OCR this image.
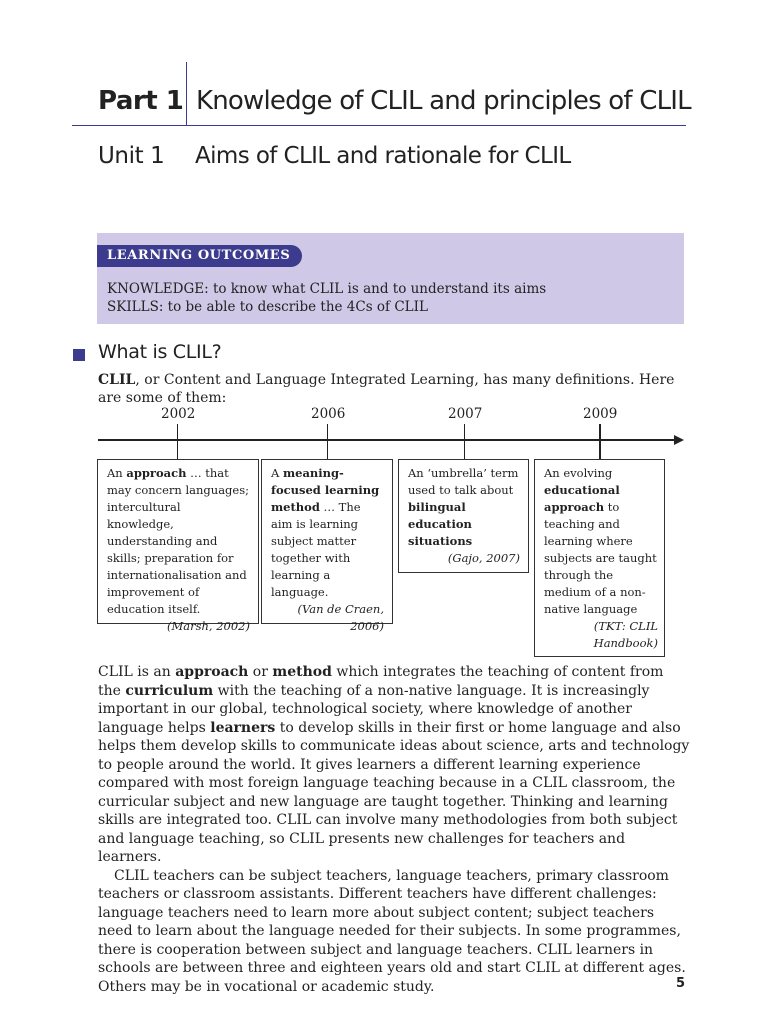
Part 1 Knowledge of CLIL and principles of CLIL
Unit 1 Aims of CLIL and rationale for CLIL
LEARNING OUTCOMES
KNOWLEDGE: to know what CLIL is and to understand its aims
SKILLS: to be able to describe the 4Cs of CLIL
What is CLIL?

CLIL, or Content and Language Integrated Learning, has many definitions. Here are some of them:

2002	2006	2007	2009
An approach … that may concern languages; intercultural knowledge, understanding and skills; preparation for internationalisation and improvement of education itself.
(Marsh, 2002)
A meaning-focused learning method … The aim is learning subject matter together with learning a language.
(Van de Craen, 2006)
An ‘umbrella’ term used to talk about bilingual education situations
(Gajo, 2007)
An evolving educational approach to teaching and learning where subjects are taught through the medium of a non-native language
(TKT: CLIL Handbook)

CLIL is an approach or method which integrates the teaching of content from the curriculum with the teaching of a non-native language. It is increasingly important in our global, technological society, where knowledge of another language helps learners to develop skills in their first or home language and also helps them develop skills to communicate ideas about science, arts and technology to people around the world. It gives learners a different learning experience compared with most foreign language teaching because in a CLIL classroom, the curricular subject and new language are taught together. Thinking and learning skills are integrated too. CLIL can involve many methodologies from both subject and language teaching, so CLIL presents new challenges for teachers and learners.

CLIL teachers can be subject teachers, language teachers, primary classroom teachers or classroom assistants. Different teachers have different challenges: language teachers need to learn more about subject content; subject teachers need to learn about the language needed for their subjects. In some programmes, there is cooperation between subject and language teachers. CLIL learners in schools are between three and eighteen years old and start CLIL at different ages. Others may be in vocational or academic study.	5
